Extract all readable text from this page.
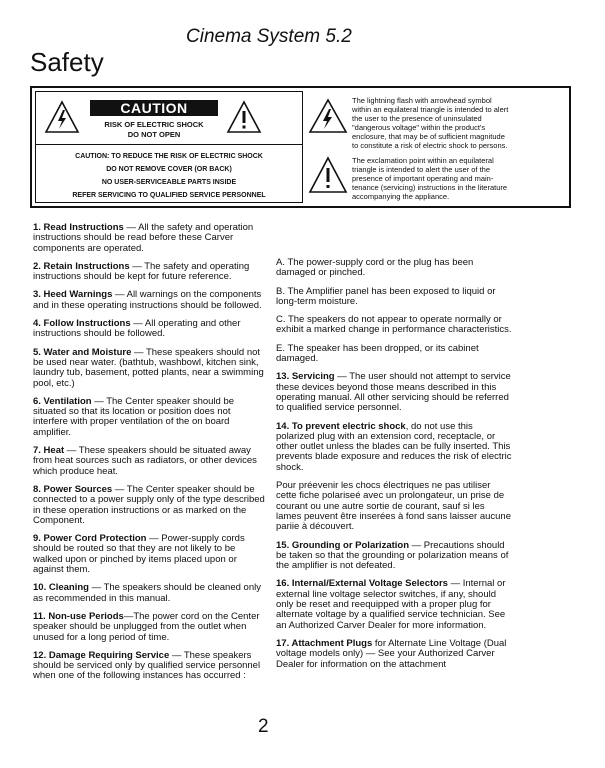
Cinema System 5.2
Safety
CAUTION
RISK OF ELECTRIC SHOCK
DO NOT OPEN
CAUTION: TO REDUCE THE RISK OF ELECTRIC SHOCK
DO NOT REMOVE COVER (OR BACK)
NO USER-SERVICEABLE PARTS INSIDE
REFER SERVICING TO QUALIFIED SERVICE PERSONNEL
The lightning flash with arrowhead symbol
within an equilateral triangle is intended to alert
the user to the presence of uninsulated
"dangerous voltage" within the product's
enclosure, that may be of sufficient magnitude
to constitute a risk of electric shock to persons.
The exclamation point within an equilateral
triangle is intended to alert the user of the
presence of important operating and main-
tenance (servicing) instructions in the literature
accompanying the appliance.

1. Read Instructions — All the safety and operation instructions should be read before these Carver components are operated.

2. Retain Instructions — The safety and operating instructions should be kept for future reference.

3. Heed Warnings — All warnings on the components and in these operating instructions should be followed.

4. Follow Instructions — All operating and other instructions should be followed.

5. Water and Moisture — These speakers should not be used near water. (bathtub, washbowl, kitchen sink, laundry tub, basement, potted plants, near a swimming pool, etc.)

6. Ventilation — The Center speaker should be situated so that its location or position does not interfere with proper ventilation of the on board amplifier.

7. Heat — These speakers should be situated away from heat sources such as radiators, or other devices which produce heat.

8. Power Sources — The Center speaker should be connected to a power supply only of the type described in these operation instructions or as marked on the Component.

9. Power Cord Protection — Power-supply cords should be routed so that they are not likely to be walked upon or pinched by items placed upon or against them.

10. Cleaning — The speakers should be cleaned only as recommended in this manual.

11. Non-use Periods—The power cord on the Center speaker should be unplugged from the outlet when unused for a long period of time.

12. Damage Requiring Service — These speakers should be serviced only by qualified service personnel when one of the following instances has occurred :

A. The power-supply cord or the plug has been damaged or pinched.

B. The Amplifier panel has been exposed to liquid or long-term moisture.

C. The speakers do not appear to operate normally or exhibit a marked change in performance characteristics.

E. The speaker has been dropped, or its cabinet damaged.

13. Servicing — The user should not attempt to service these devices beyond those means described in this operating manual. All other servicing should be referred to qualified service personnel.

14. To prevent electric shock, do not use this polarized plug with an extension cord, receptacle, or other outlet unless the blades can be fully inserted. This prevents blade exposure and reduces the risk of electric shock.

Pour préevenir les chocs électriques ne pas utiliser cette fiche polariseé avec un prolongateur, un prise de courant ou une autre sortie de courant, sauf si les lames peuvent être inserées à fond sans laisser aucune pariie à découvert.

15. Grounding or Polarization — Precautions should be taken so that the grounding or polarization means of the amplifier is not defeated.

16. Internal/External Voltage Selectors — Internal or external line voltage selector switches, if any, should only be reset and reequipped with a proper plug for alternate voltage by a qualified service technician. See an Authorized Carver Dealer for more information.

17. Attachment Plugs for Alternate Line Voltage (Dual voltage models only) — See your Authorized Carver Dealer for information on the attachment

2
